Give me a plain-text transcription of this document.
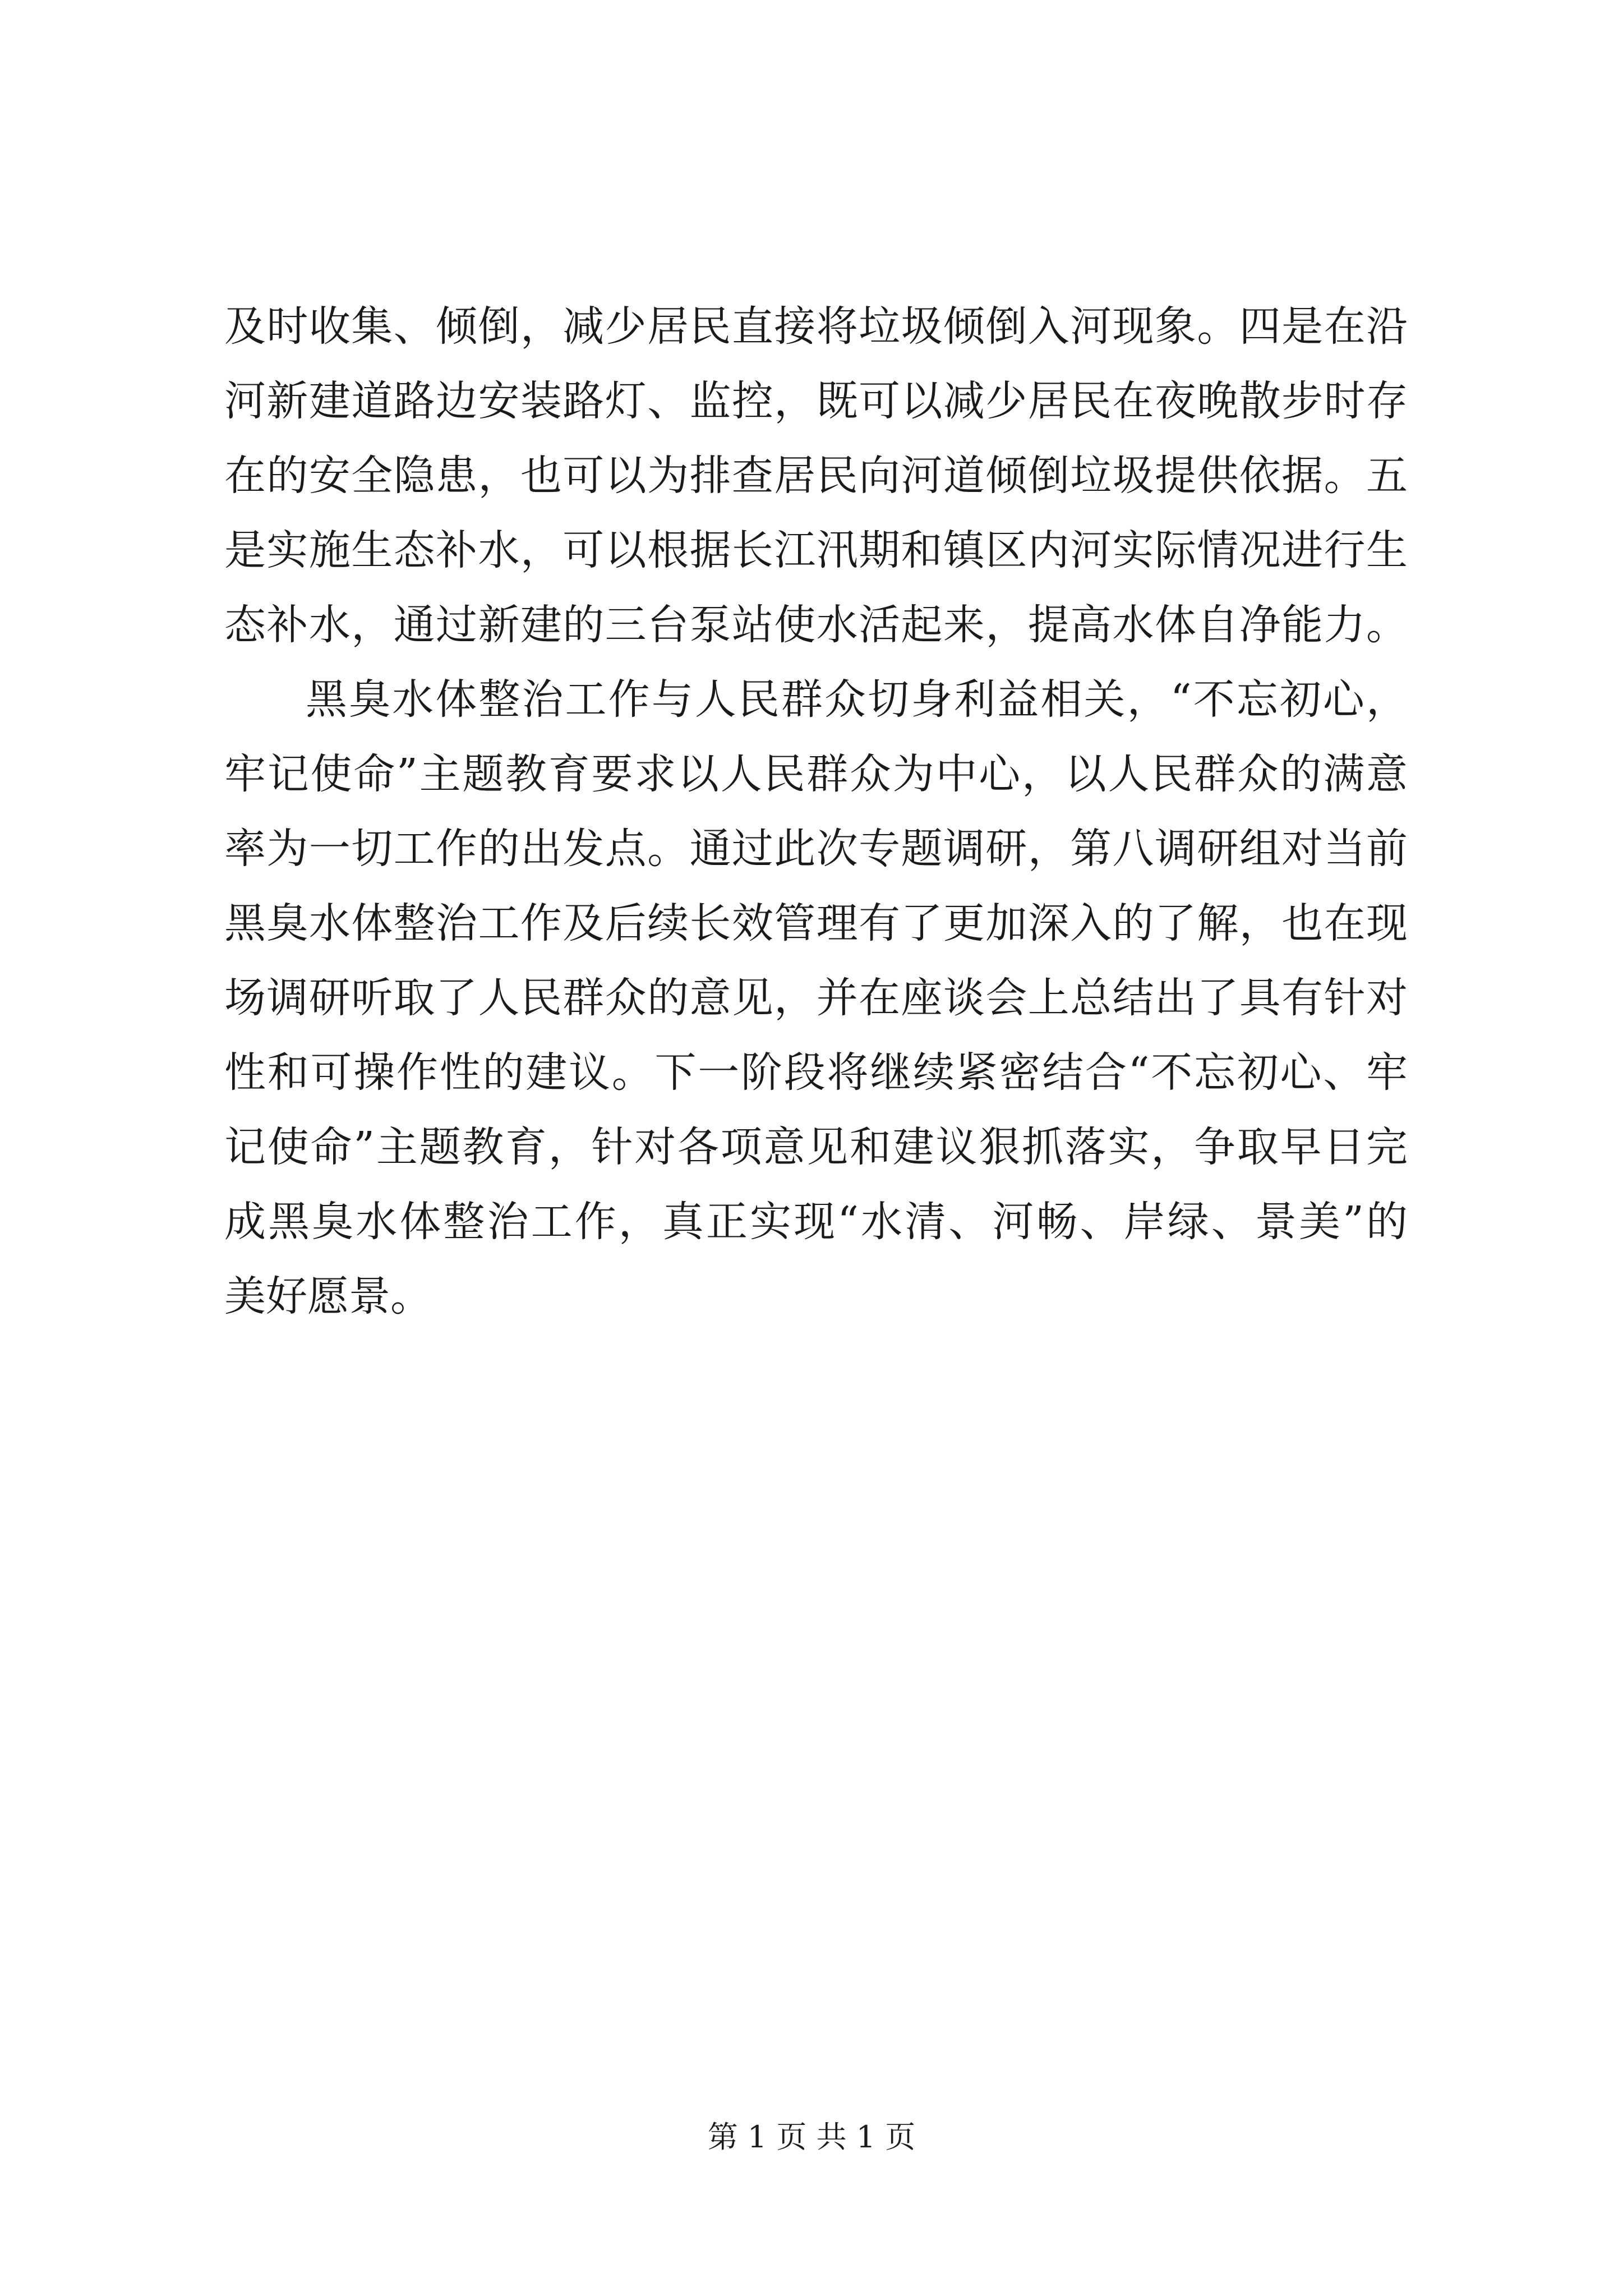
及时收集、倾倒，减少居民直接将垃圾倾倒入河现象。四是在沿
河新建道路边安装路灯、监控，既可以减少居民在夜晚散步时存
在的安全隐患，也可以为排查居民向河道倾倒垃圾提供依据。五
是实施生态补水，可以根据长江汛期和镇区内河实际情况进行生
态补水，通过新建的三台泵站使水活起来，提高水体自净能力。
黑臭水体整治工作与人民群众切身利益相关，“不忘初心，
牢记使命”主题教育要求以人民群众为中心，以人民群众的满意
率为一切工作的出发点。通过此次专题调研，第八调研组对当前
黑臭水体整治工作及后续长效管理有了更加深入的了解，也在现
场调研听取了人民群众的意见，并在座谈会上总结出了具有针对
性和可操作性的建议。下一阶段将继续紧密结合“不忘初心、牢
记使命”主题教育，针对各项意见和建议狠抓落实，争取早日完
成黑臭水体整治工作，真正实现“水清、河畅、岸绿、景美”的
美好愿景。
第 1 页 共 1 页
